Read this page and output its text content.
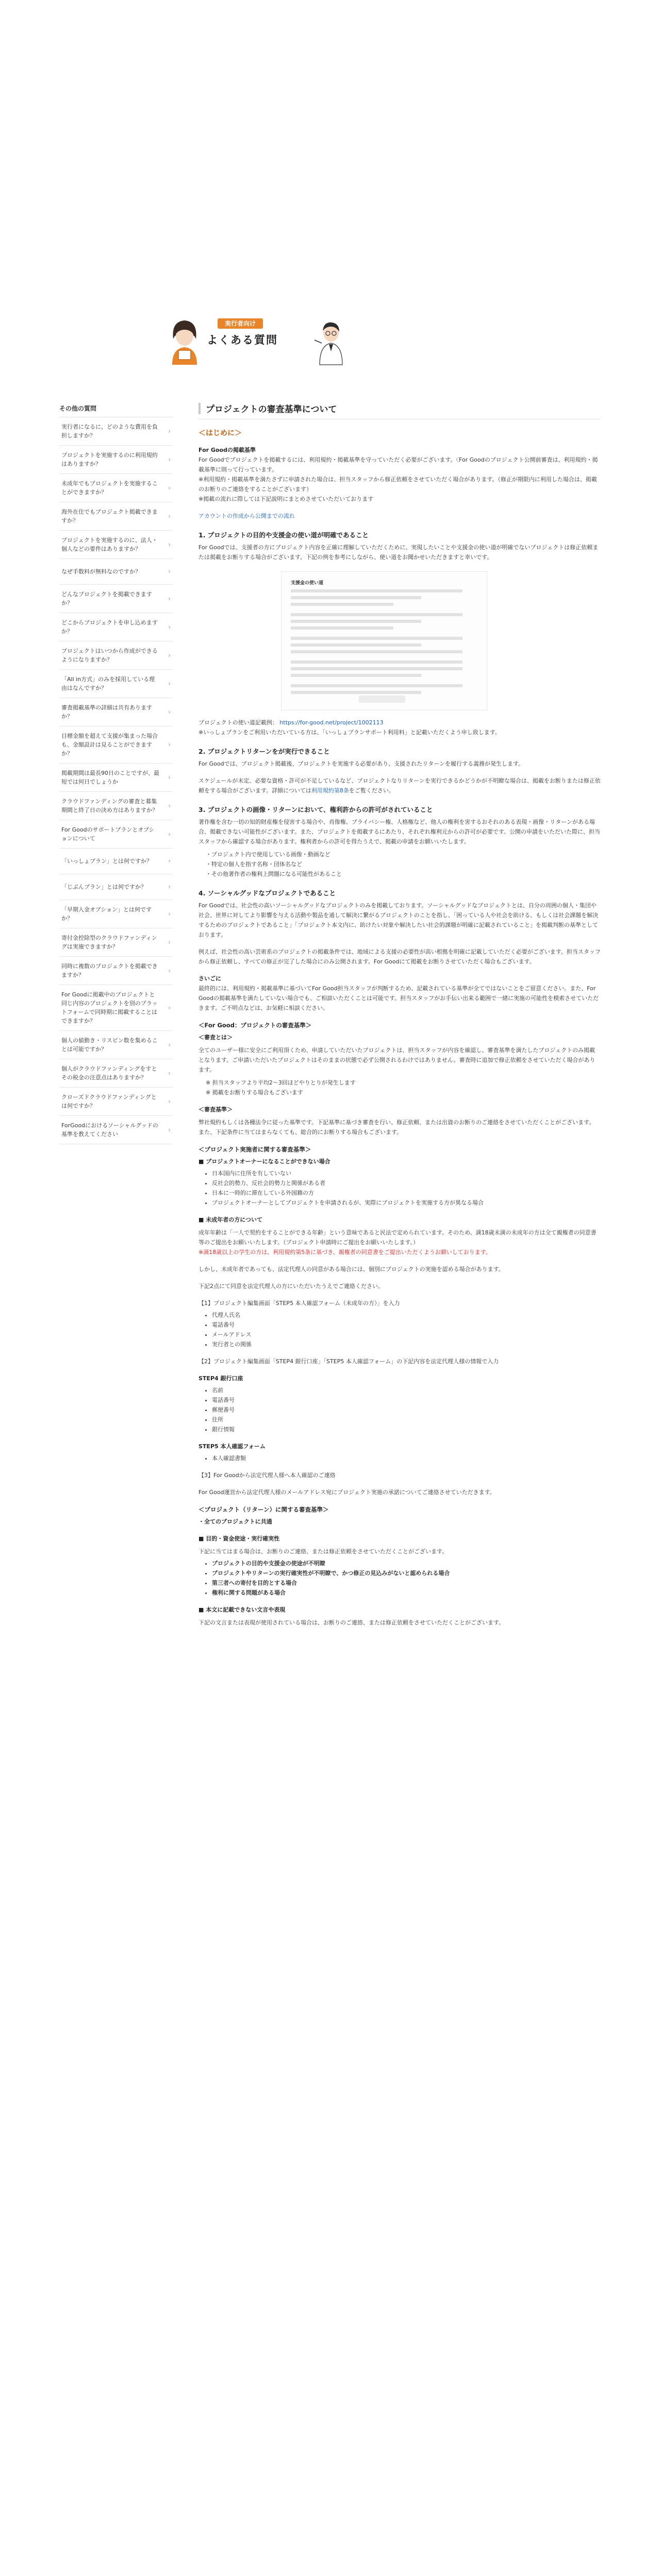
実行者向け
よくある質問
その他の質問
実行者になるに、どのような費用を負担しますか？
›
プロジェクトを実施するのに利用規約はありますか？
›
未成年でもプロジェクトを実施することができますか？
›
海外在住でもプロジェクト掲載できますか？
›
プロジェクトを実施するのに、法人・個人などの要件はありますか？
›
なぜ手数料が無料なのですか？	›
どんなプロジェクトを掲載できますか？
›
どこからプロジェクトを申し込めますか？
›
プロジェクトはいつから作成ができるようになりますか？
›
「All in方式」のみを採用している理由はなんですか？
›
審査掲載基準の詳細は共有ありますか？
›
目標金額を超えて支援が集まった場合も、金額設計は見ることができますか？
›
掲載期間は最長90日のことですが、最短では何日でしょうか
›
クラウドファンディングの審査と募集期間と終了日の決め方はありますか？
›
For Goodのサポートプランとオプションについて
›
「いっしょプラン」とは何ですか？	›
「じぶんプラン」とは何ですか？	›
「早期入金オプション」とは何ですか？
›
寄付金控除型のクラウドファンディングは実施できますか？
›
同時に複数のプロジェクトを掲載できますか？
›
For Goodに掲載中のプロジェクトと同じ内容のプロジェクトを別のプラットフォームで同時期に掲載することはできますか？
›
個人の値動き・リスピン数を集めることは可能ですか？
›
個人がクラウドファンディングをすとその税金の注意点はありますか？
›
クローズドクラウドファンディングとは何ですか？
›
ForGoodにおけるソーシャルグッドの基準を教えてください
›
プロジェクトの審査基準について
＜はじめに＞

For Goodの掲載基準

For Goodでプロジェクトを掲載するには、利用規約・掲載基準を守っていただく必要がございます。〈For Goodのプロジェクト公開前審査は、利用規約・掲載基準に則って行っています。

※利用規約・掲載基準を満たさずに申請された場合は、担当スタッフから修正依頼をさせていただく場合があります。（修正が期限内に利用した場合は、掲載のお断りのご連絡をすることがございます）

※掲載の流れに際しては下記説明にまとめさせていただいております

アカウントの作成から公開までの流れ

1. プロジェクトの目的や支援金の使い道が明確であること

For Goodでは、支援者の方にプロジェクト内容を正確に理解していただくために、実現したいことや支援金の使い道が明確でないプロジェクトは修正依頼または掲載をお断りする場合がございます。下記の例を参考にしながら、使い道をお聞かせいただきますと幸いです。

支援金の使い道

プロジェクトの使い道記載例： https://for-good.net/project/1002113

※いっしょプランをご利用いただいている方は、「いっしょプランサポート利用料」と記載いただくよう申し致します。

2. プロジェクトリターンをが実行できること

For Goodでは、プロジェクト掲載後、プロジェクトを実施する必要があり、支援されたリターンを履行する義務が発生します。

スケジュールが未定、必要な資格・許可が不足しているなど、プロジェクトなりリターンを実行できるかどうかが不明瞭な場合は、掲載をお断りまたは修正依頼をする場合がございます。詳細については利用規約第8条をご覧ください。

3. プロジェクトの画像・リターンにおいて、権利許からの許可がされていること

著作権を含む一切の知的財産権を侵害する場合や、肖像権、プライバシー権、人格権など、他人の権利を害するおそれのある表現・画像・リターンがある場合、掲載できない可能性がございます。また、プロジェクトを掲載するにあたり、それぞれ権利元からの許可が必要です。公開の申請をいただいた際に、担当スタッフから確認する場合があります。権利者からの許可を得たうえで、掲載の申請をお願いいたします。

・プロジェクト内で使用している画像・動画など
・特定の個人を指す名称・団体名など
・その他著作者の権利上問題になる可能性があること
4. ソーシャルグッドなプロジェクトであること

For Goodでは、社会性の高いソーシャルグッドなプロジェクトのみを掲載しております。ソーシャルグッドなプロジェクトとは、自分の周囲の個人・集団や社会、世界に対してより影響を与える活動や製品を通して解決に繋がるプロジェクトのことを指し、「困っている人や社会を助ける、もしくは社会課題を解決するためのプロジェクトであること」「プロジェクト本文内に、助けたい対象や解決したい社会的課題が明確に記載されていること」を掲載判断の基準としております。

例えば、社会性の高い芸術系のプロジェクトの掲載条件では、地域による支援の必要性が高い根拠を明確に記載していただく必要がございます。担当スタッフから修正依頼し、すべての修正が完了した場合にのみ公開されます。For Goodにて掲載をお断りさせていただく場合もございます。

さいごに

最終的には、利用規約・掲載基準に基づいてFor Good担当スタッフが判断するため、記載されている基準が全てではないことをご留意ください。また、For Goodの掲載基準を満たしていない場合でも、ご相談いただくことは可能です。担当スタッフがお手伝い出来る範囲で一緒に実施の可能性を模索させていただきます。ご不明点などは、お気軽に相談ください。

＜For Good：プロジェクトの審査基準＞

＜審査とは＞

全てのユーザー様に安全にご利用頂くため、申請していただいたプロジェクトは、担当スタッフが内容を確認し、審査基準を満たしたプロジェクトのみ掲載となります。ご申請いただいたプロジェクトはそのままの状態で必ず公開されるわけではありません。審査時に追加で修正依頼をさせていただく場合があります。

※ 担当スタッフより平均2〜3回ほどやりとりが発生します
※ 掲載をお断りする場合もございます

＜審査基準＞

弊社規約もしくは各種法令に従った基準です。下記基準に基づき審査を行い、修正依頼、または出資のお断りのご連絡をさせていただくことがございます。

また、下記条件に当てはまらなくても、総合的にお断りする場合もございます。

＜プロジェクト実施者に関する審査基準＞

■ プロジェクトオーナーになることができない場合

• 日本国内に住所を有していない
• 反社会的勢力、反社会的勢力と関係がある者
• 日本に一時的に滞在している外国籍の方
• プロジェクトオーナーとしてプロジェクトを申請されるが、実際にプロジェクトを実施する方が異なる場合

■ 未成年者の方について

成年年齢は「一人で契約をすることができる年齢」という意味であると民法で定められています。そのため、満18歳未満の未成年の方は全て親権者の同意書等のご提出をお願いいたします。（プロジェクト申請時にご提出をお願いいたします。）

※満18歳以上の学生の方は、利用規約第5条に基づき、親権者の同意書をご提出いただくようお願いしております。

しかし、未成年者であっても、法定代理人の同意がある場合には、個別にプロジェクトの実施を認める場合があります。

下記2点にて同意を法定代理人の方にいただいたうえでご連絡ください。

【1】プロジェクト編集画面「STEP5 本人確認フォーム（未成年の方）」を入力

• 代理人氏名
• 電話番号
• メールアドレス
• 実行者との関係

【2】プロジェクト編集画面「STEP4 銀行口座」「STEP5 本人確認フォーム」の下記内容を法定代理人様の情報で入力

STEP4 銀行口座

• 名前
• 電話番号
• 郵便番号
• 住所
• 銀行情報

STEP5 本人確認フォーム

• 本人確認書類

【3】For Goodから法定代理人様へ本人確認のご連絡

For Good運営から法定代理人様のメールアドレス宛にプロジェクト実施の承諾についてご連絡させていただきます。

＜プロジェクト（リターン）に関する審査基準＞

・全てのプロジェクトに共通

■ 目的・資金使途・実行確実性

下記に当てはまる場合は、お断りのご連絡、または修正依頼をさせていただくことがございます。

• プロジェクトの目的や支援金の使途が不明瞭
• プロジェクトやリターンの実行確実性が不明瞭で、かつ修正の見込みがないと認められる場合
• 第三者への寄付を目的とする場合
• 権利に関する問題がある場合

■ 本文に記載できない文言や表現

下記の文言または表現が使用されている場合は、お断りのご連絡、または修正依頼をさせていただくことがございます。
